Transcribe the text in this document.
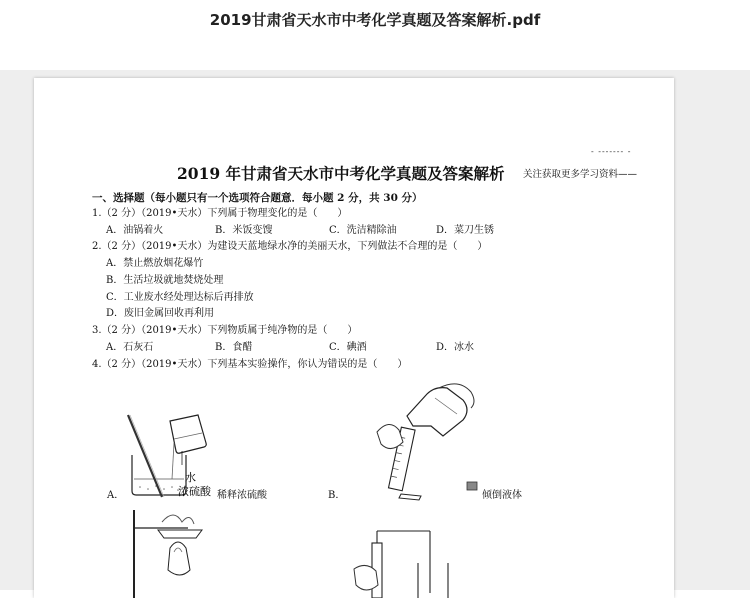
2019甘肃省天水市中考化学真题及答案解析.pdf
- ------- -
2019 年甘肃省天水市中考化学真题及答案解析 关注获取更多学习资料——
一、选择题（每小题只有一个选项符合题意．每小题 2 分，共 30 分）
1.（2 分）（2019•天水）下列属于物理变化的是（　　）
A．油锅着火	B．米饭变馊	C．洗洁精除油	D．菜刀生锈
2.（2 分）（2019•天水）为建设天蓝地绿水净的美丽天水，下列做法不合理的是（　　）
A．禁止燃放烟花爆竹
B．生活垃圾就地焚烧处理
C．工业废水经处理达标后再排放
D．废旧金属回收再利用
3.（2 分）（2019•天水）下列物质属于纯净物的是（　　）
A．石灰石	B．食醋	C．碘酒	D．冰水
4.（2 分）（2019•天水）下列基本实验操作，你认为错误的是（　　）
A．
水
浓硫酸 稀释浓硫酸	B．	倾倒液体
